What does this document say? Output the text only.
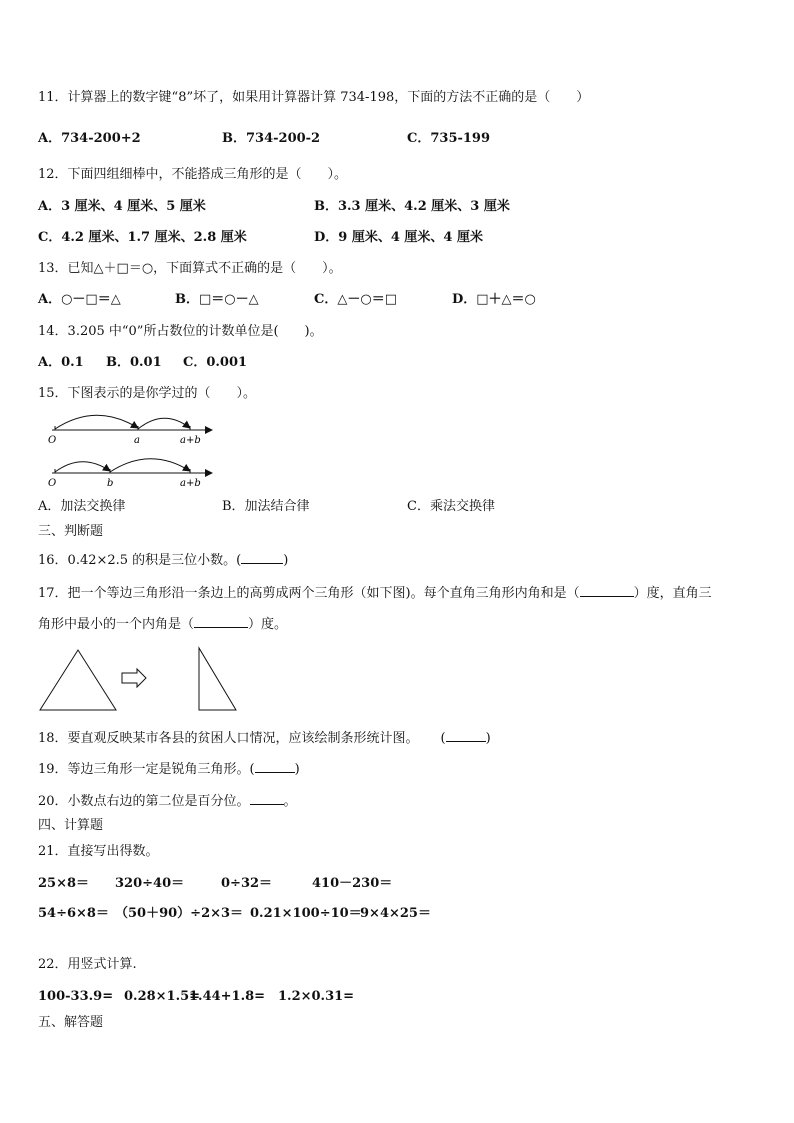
11．计算器上的数字键“8”坏了，如果用计算器计算 734-198，下面的方法不正确的是（　　）
A．734-200+2	B．734-200-2	C．735-199
12．下面四组细棒中，不能搭成三角形的是（　　）。
A．3 厘米、4 厘米、5 厘米	B．3.3 厘米、4.2 厘米、3 厘米
C．4.2 厘米、1.7 厘米、2.8 厘米	D．9 厘米、4 厘米、4 厘米
13．已知△＋□＝○，下面算式不正确的是（　　）。
A．○－□＝△	B．□＝○－△	C．△－○＝□	D．□＋△＝○
14．3.205 中“0”所占数位的计数单位是(　　)。
A．0.1 B．0.01 C．0.001
15．下图表示的是你学过的（　　）。
O	a	a+b
O	b	a+b
A．加法交换律	B．加法结合律	C．乘法交换律
三、判断题
16．0.42×2.5 的积是三位小数。(	)
17．把一个等边三角形沿一条边上的高剪成两个三角形（如下图)。每个直角三角形内角和是（	）度，直角三
角形中最小的一个内角是（	）度。
18．要直观反映某市各县的贫困人口情况，应该绘制条形统计图。 (	)
19．等边三角形一定是锐角三角形。(	)
20．小数点右边的第二位是百分位。	。
四、计算题
21．直接写出得数。
25×8＝ 320÷40＝	0÷32＝	410－230＝
54÷6×8＝ （50＋90）÷2×3＝ 0.21×100÷10＝
9×4×25＝
22．用竖式计算.
100-33.9= 0.28×1.5=
1.44+1.8= 1.2×0.31=
五、解答题
